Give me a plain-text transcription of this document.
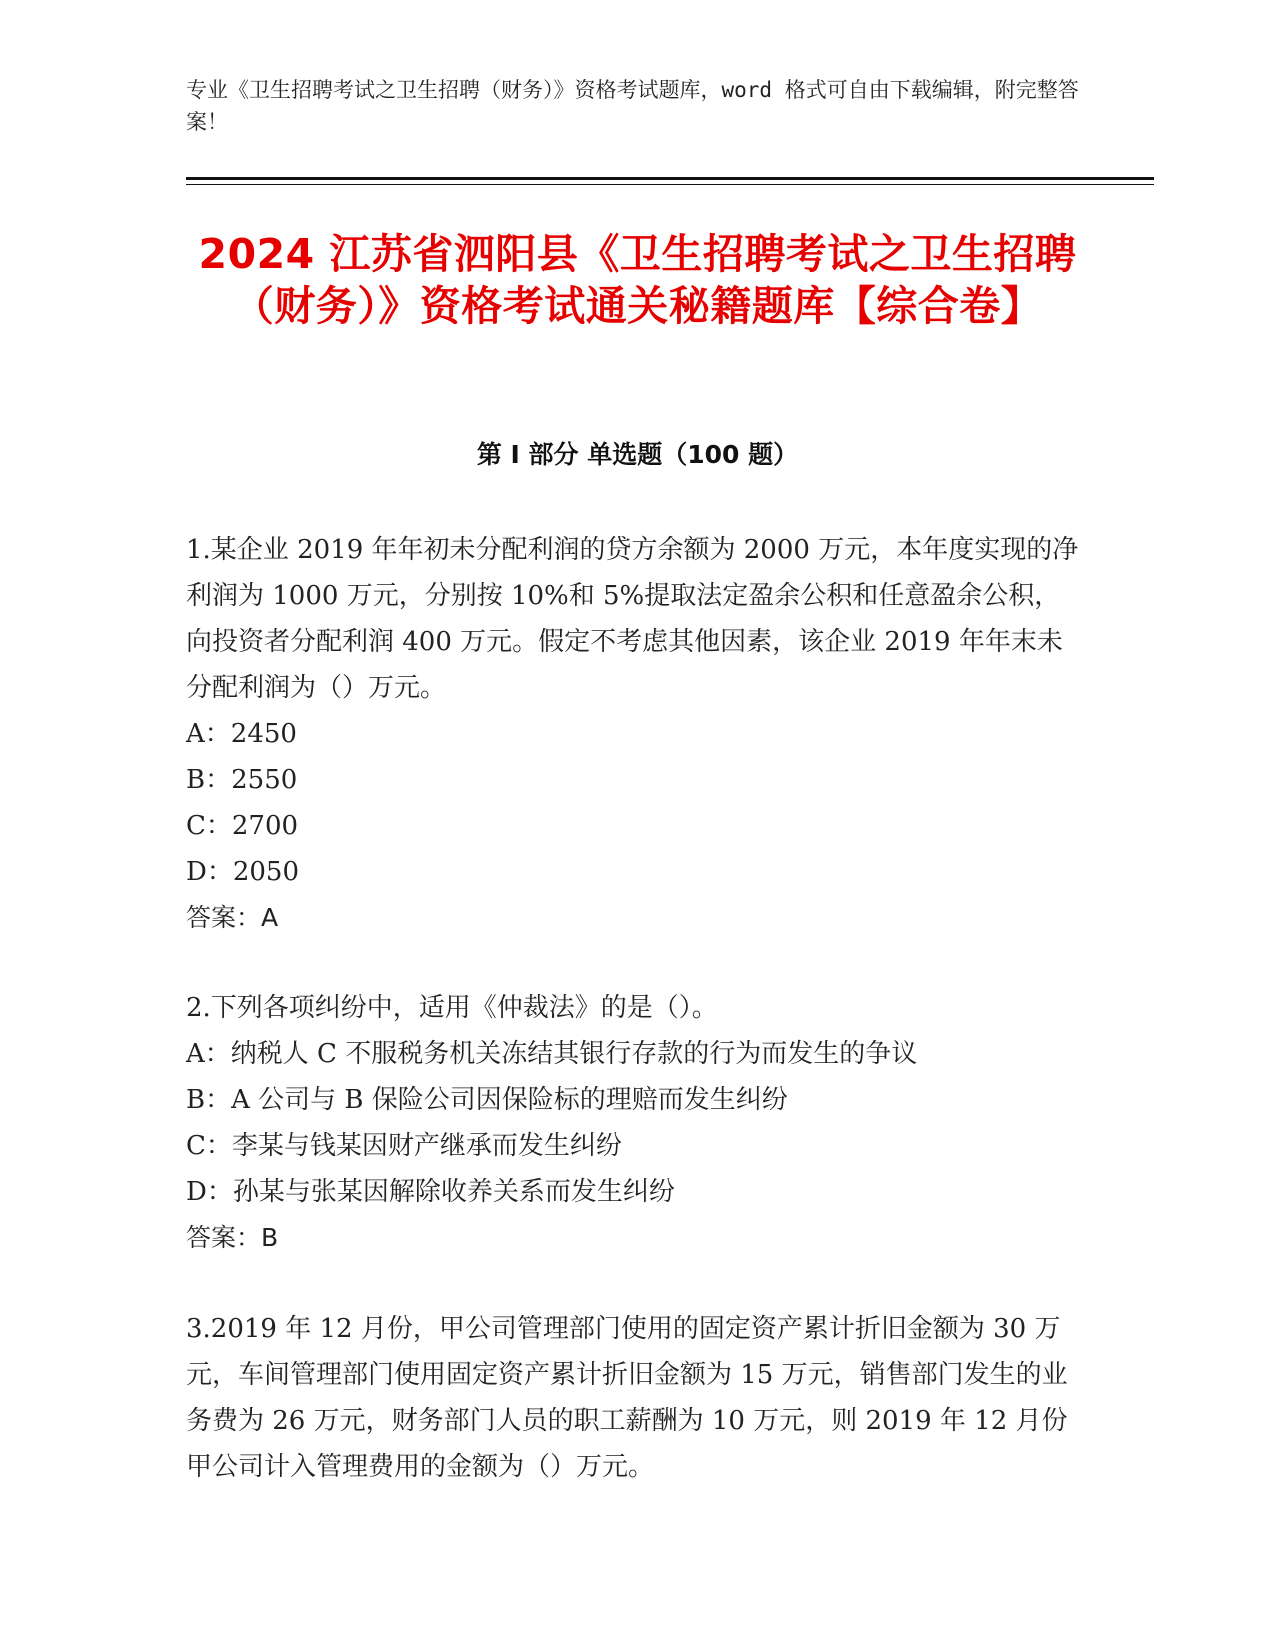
专业《卫生招聘考试之卫生招聘（财务）》资格考试题库，word 格式可自由下载编辑，附完整答案！
2024 江苏省泗阳县《卫生招聘考试之卫生招聘（财务）》资格考试通关秘籍题库【综合卷】
第 I 部分 单选题（100 题）

1.某企业 2019 年年初未分配利润的贷方余额为 2000 万元，本年度实现的净利润为 1000 万元，分别按 10%和 5%提取法定盈余公积和任意盈余公积，向投资者分配利润 400 万元。假定不考虑其他因素，该企业 2019 年年末未分配利润为（）万元。

A：2450

B：2550

C：2700

D：2050

答案：A

2.下列各项纠纷中，适用《仲裁法》的是（）。

A：纳税人 C 不服税务机关冻结其银行存款的行为而发生的争议

B：A 公司与 B 保险公司因保险标的理赔而发生纠纷

C：李某与钱某因财产继承而发生纠纷

D：孙某与张某因解除收养关系而发生纠纷

答案：B

3.2019 年 12 月份，甲公司管理部门使用的固定资产累计折旧金额为 30 万元，车间管理部门使用固定资产累计折旧金额为 15 万元，销售部门发生的业务费为 26 万元，财务部门人员的职工薪酬为 10 万元，则 2019 年 12 月份甲公司计入管理费用的金额为（）万元。
